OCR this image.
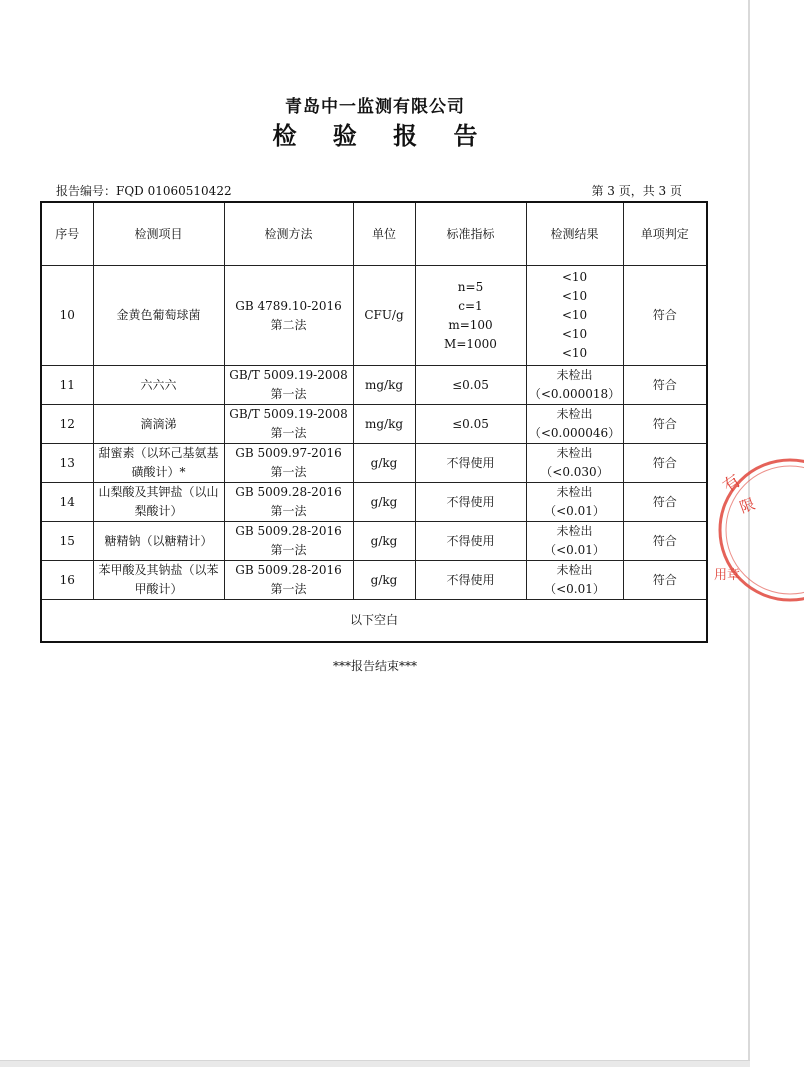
青岛中一监测有限公司
检 验 报 告
报告编号：FQD 01060510422	第 3 页，共 3 页
序号	检测项目	检测方法	单位	标准指标	检测结果	单项判定
10	金黄色葡萄球菌	GB 4789.10-2016
第二法	CFU/g	n=5
c=1
m=100
M=1000	<10
<10
<10
<10
<10	符合
11	六六六	GB/T 5009.19-2008
第一法	mg/kg	≤0.05	未检出
（<0.000018）	符合
12	滴滴涕	GB/T 5009.19-2008
第一法	mg/kg	≤0.05	未检出
（<0.000046）	符合
13	甜蜜素（以环己基氨基磺酸计）*	GB 5009.97-2016
第一法	g/kg	不得使用	未检出
（<0.030）	符合
14	山梨酸及其钾盐（以山梨酸计）	GB 5009.28-2016
第一法	g/kg	不得使用	未检出
（<0.01）	符合
15	糖精钠（以糖精计）	GB 5009.28-2016
第一法	g/kg	不得使用	未检出
（<0.01）	符合
16	苯甲酸及其钠盐（以苯甲酸计）	GB 5009.28-2016
第一法	g/kg	不得使用	未检出
（<0.01）	符合
以下空白						
***报告结束***
有
限
用章
